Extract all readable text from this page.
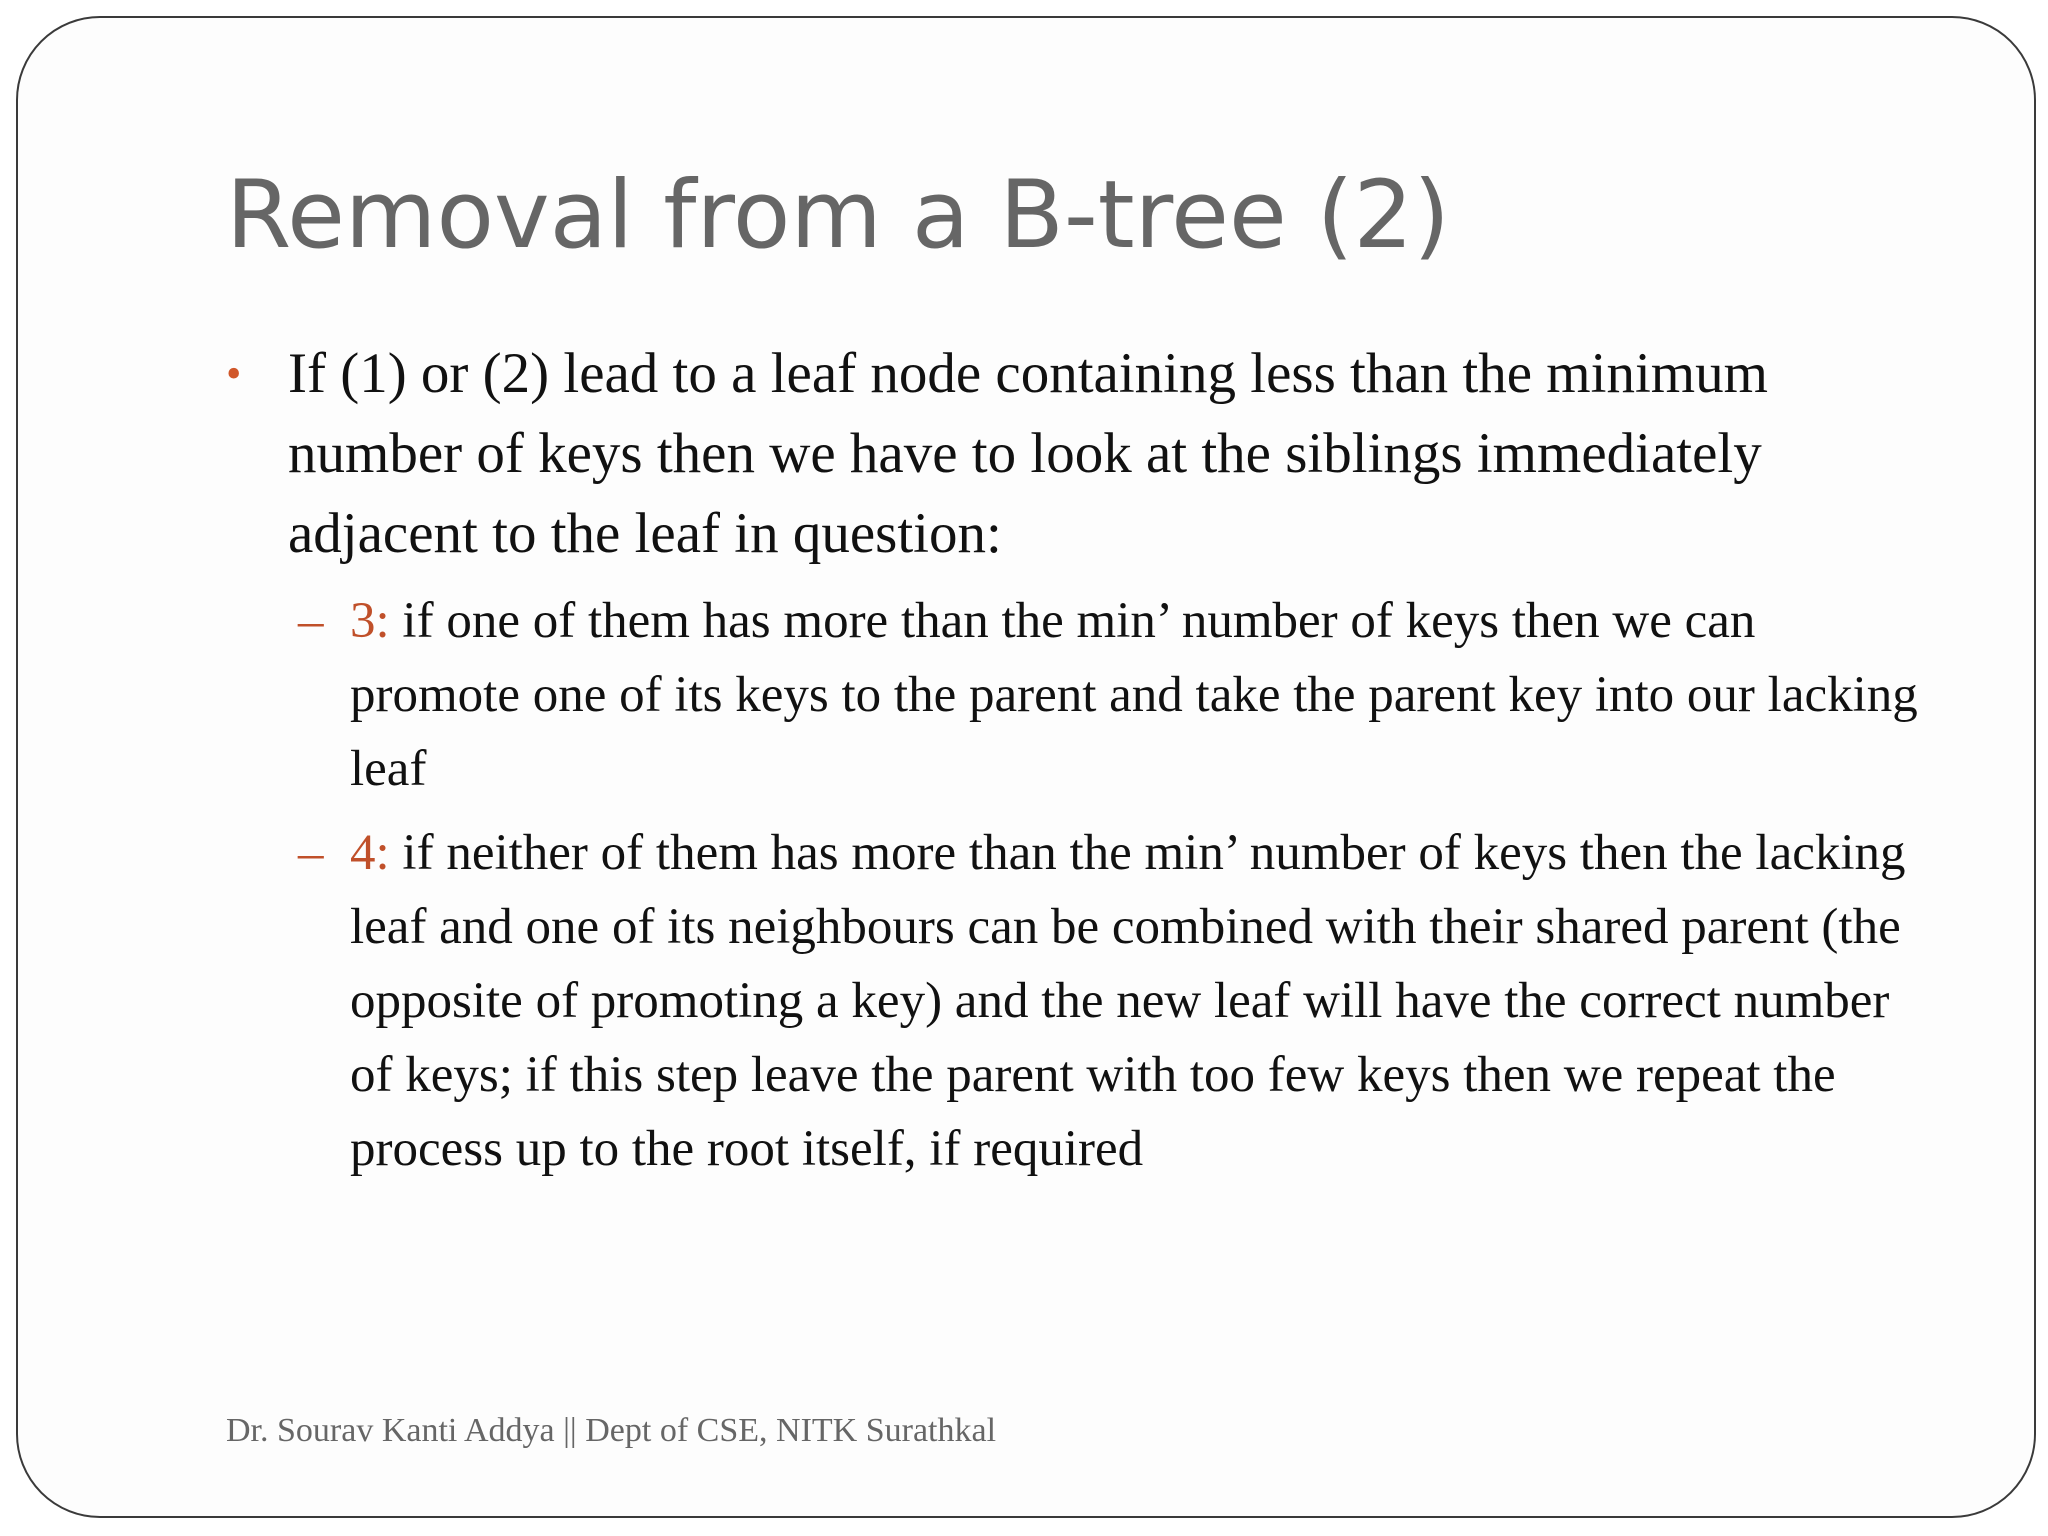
Removal from a B-tree (2)
• If (1) or (2) lead to a leaf node containing less than the minimum number of keys then we have to look at the siblings immediately adjacent to the leaf in question:
– 3: if one of them has more than the min’ number of keys then we can promote one of its keys to the parent and take the parent key into our lacking leaf
– 4: if neither of them has more than the min’ number of keys then the lacking leaf and one of its neighbours can be combined with their shared parent (the opposite of promoting a key) and the new leaf will have the correct number of keys; if this step leave the parent with too few keys then we repeat the process up to the root itself, if required
Dr. Sourav Kanti Addya || Dept of CSE, NITK Surathkal
